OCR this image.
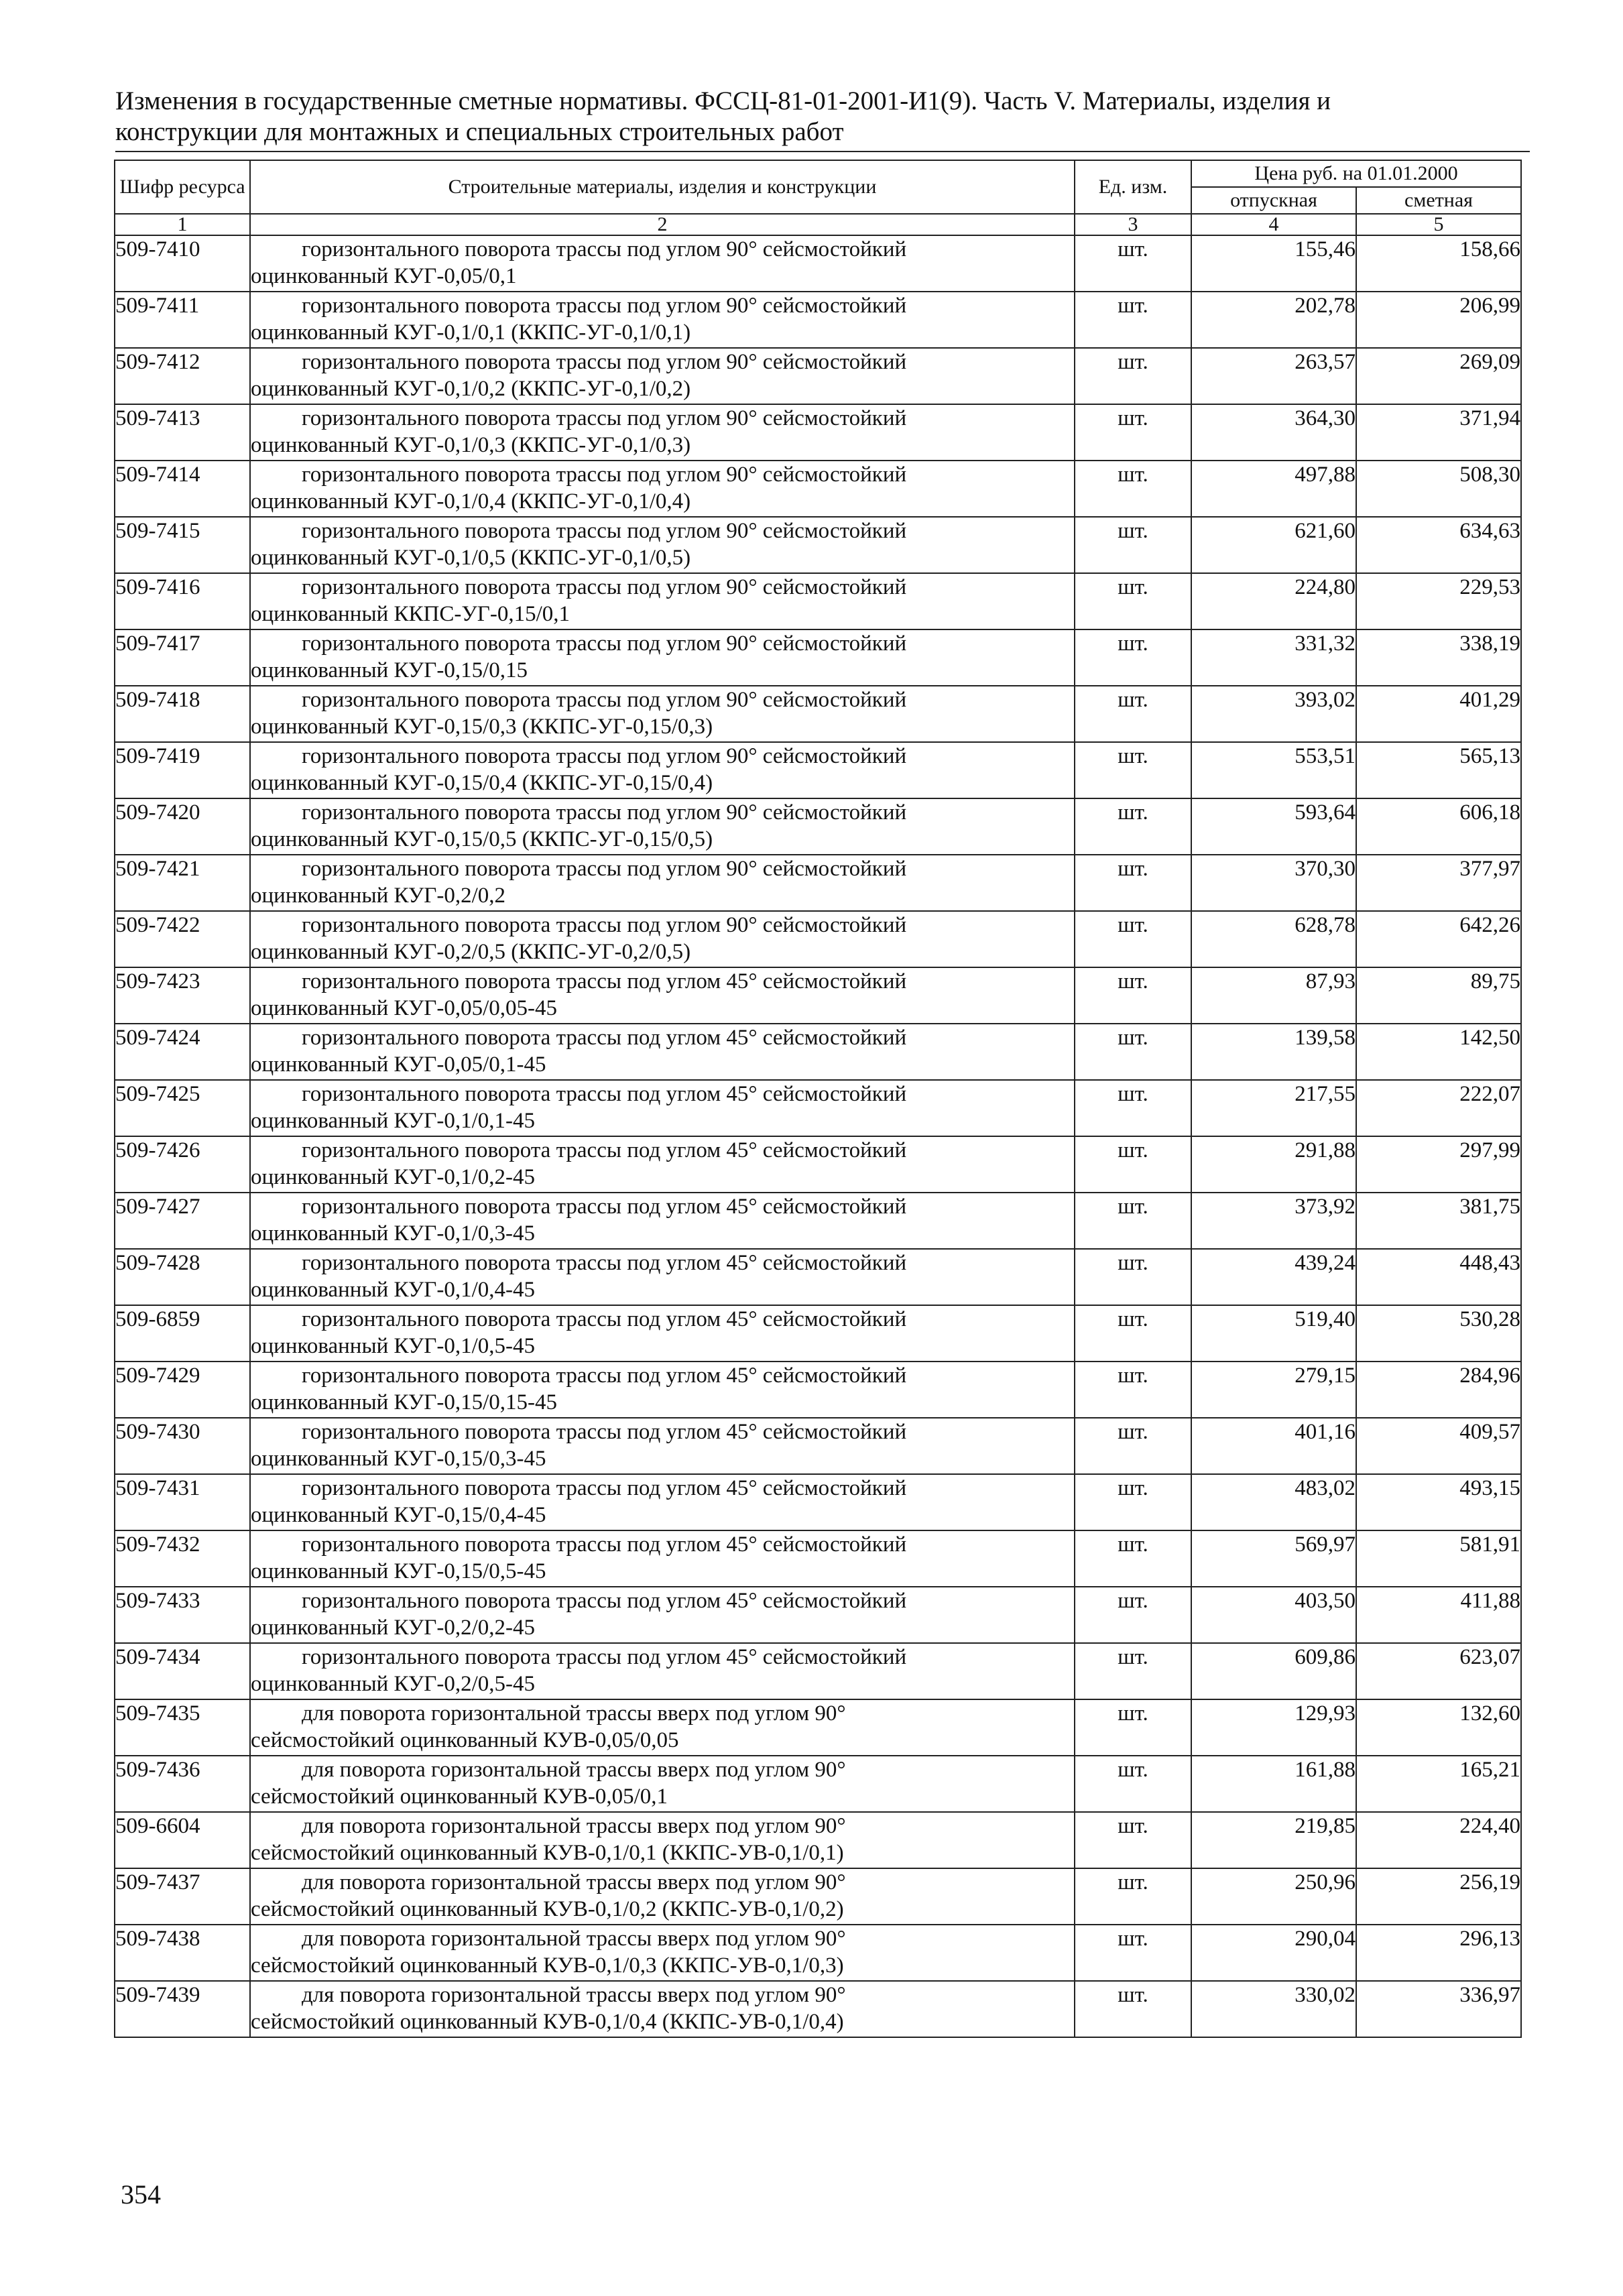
Изменения в государственные сметные нормативы. ФССЦ-81-01-2001-И1(9). Часть V. Материалы, изделия и
конструкции для монтажных и специальных строительных работ
Шифр ресурса	Строительные материалы, изделия и конструкции	Ед. изм.	Цена руб. на 01.01.2000	
			отпускная	сметная
1	2	3	4	5
509-7410	горизонтального поворота трассы под углом 90° сейсмостойкий
оцинкованный КУГ-0,05/0,1	шт.	155,46	158,66
509-7411	горизонтального поворота трассы под углом 90° сейсмостойкий
оцинкованный КУГ-0,1/0,1 (ККПС-УГ-0,1/0,1)	шт.	202,78	206,99
509-7412	горизонтального поворота трассы под углом 90° сейсмостойкий
оцинкованный КУГ-0,1/0,2 (ККПС-УГ-0,1/0,2)	шт.	263,57	269,09
509-7413	горизонтального поворота трассы под углом 90° сейсмостойкий
оцинкованный КУГ-0,1/0,3 (ККПС-УГ-0,1/0,3)	шт.	364,30	371,94
509-7414	горизонтального поворота трассы под углом 90° сейсмостойкий
оцинкованный КУГ-0,1/0,4 (ККПС-УГ-0,1/0,4)	шт.	497,88	508,30
509-7415	горизонтального поворота трассы под углом 90° сейсмостойкий
оцинкованный КУГ-0,1/0,5 (ККПС-УГ-0,1/0,5)	шт.	621,60	634,63
509-7416	горизонтального поворота трассы под углом 90° сейсмостойкий
оцинкованный ККПС-УГ-0,15/0,1	шт.	224,80	229,53
509-7417	горизонтального поворота трассы под углом 90° сейсмостойкий
оцинкованный КУГ-0,15/0,15	шт.	331,32	338,19
509-7418	горизонтального поворота трассы под углом 90° сейсмостойкий
оцинкованный КУГ-0,15/0,3 (ККПС-УГ-0,15/0,3)	шт.	393,02	401,29
509-7419	горизонтального поворота трассы под углом 90° сейсмостойкий
оцинкованный КУГ-0,15/0,4 (ККПС-УГ-0,15/0,4)	шт.	553,51	565,13
509-7420	горизонтального поворота трассы под углом 90° сейсмостойкий
оцинкованный КУГ-0,15/0,5 (ККПС-УГ-0,15/0,5)	шт.	593,64	606,18
509-7421	горизонтального поворота трассы под углом 90° сейсмостойкий
оцинкованный КУГ-0,2/0,2	шт.	370,30	377,97
509-7422	горизонтального поворота трассы под углом 90° сейсмостойкий
оцинкованный КУГ-0,2/0,5 (ККПС-УГ-0,2/0,5)	шт.	628,78	642,26
509-7423	горизонтального поворота трассы под углом 45° сейсмостойкий
оцинкованный КУГ-0,05/0,05-45	шт.	87,93	89,75
509-7424	горизонтального поворота трассы под углом 45° сейсмостойкий
оцинкованный КУГ-0,05/0,1-45	шт.	139,58	142,50
509-7425	горизонтального поворота трассы под углом 45° сейсмостойкий
оцинкованный КУГ-0,1/0,1-45	шт.	217,55	222,07
509-7426	горизонтального поворота трассы под углом 45° сейсмостойкий
оцинкованный КУГ-0,1/0,2-45	шт.	291,88	297,99
509-7427	горизонтального поворота трассы под углом 45° сейсмостойкий
оцинкованный КУГ-0,1/0,3-45	шт.	373,92	381,75
509-7428	горизонтального поворота трассы под углом 45° сейсмостойкий
оцинкованный КУГ-0,1/0,4-45	шт.	439,24	448,43
509-6859	горизонтального поворота трассы под углом 45° сейсмостойкий
оцинкованный КУГ-0,1/0,5-45	шт.	519,40	530,28
509-7429	горизонтального поворота трассы под углом 45° сейсмостойкий
оцинкованный КУГ-0,15/0,15-45	шт.	279,15	284,96
509-7430	горизонтального поворота трассы под углом 45° сейсмостойкий
оцинкованный КУГ-0,15/0,3-45	шт.	401,16	409,57
509-7431	горизонтального поворота трассы под углом 45° сейсмостойкий
оцинкованный КУГ-0,15/0,4-45	шт.	483,02	493,15
509-7432	горизонтального поворота трассы под углом 45° сейсмостойкий
оцинкованный КУГ-0,15/0,5-45	шт.	569,97	581,91
509-7433	горизонтального поворота трассы под углом 45° сейсмостойкий
оцинкованный КУГ-0,2/0,2-45	шт.	403,50	411,88
509-7434	горизонтального поворота трассы под углом 45° сейсмостойкий
оцинкованный КУГ-0,2/0,5-45	шт.	609,86	623,07
509-7435	для поворота горизонтальной трассы вверх под углом 90°
сейсмостойкий оцинкованный КУВ-0,05/0,05	шт.	129,93	132,60
509-7436	для поворота горизонтальной трассы вверх под углом 90°
сейсмостойкий оцинкованный КУВ-0,05/0,1	шт.	161,88	165,21
509-6604	для поворота горизонтальной трассы вверх под углом 90°
сейсмостойкий оцинкованный КУВ-0,1/0,1 (ККПС-УВ-0,1/0,1)	шт.	219,85	224,40
509-7437	для поворота горизонтальной трассы вверх под углом 90°
сейсмостойкий оцинкованный КУВ-0,1/0,2 (ККПС-УВ-0,1/0,2)	шт.	250,96	256,19
509-7438	для поворота горизонтальной трассы вверх под углом 90°
сейсмостойкий оцинкованный КУВ-0,1/0,3 (ККПС-УВ-0,1/0,3)	шт.	290,04	296,13
509-7439	для поворота горизонтальной трассы вверх под углом 90°
сейсмостойкий оцинкованный КУВ-0,1/0,4 (ККПС-УВ-0,1/0,4)	шт.	330,02	336,97
354
